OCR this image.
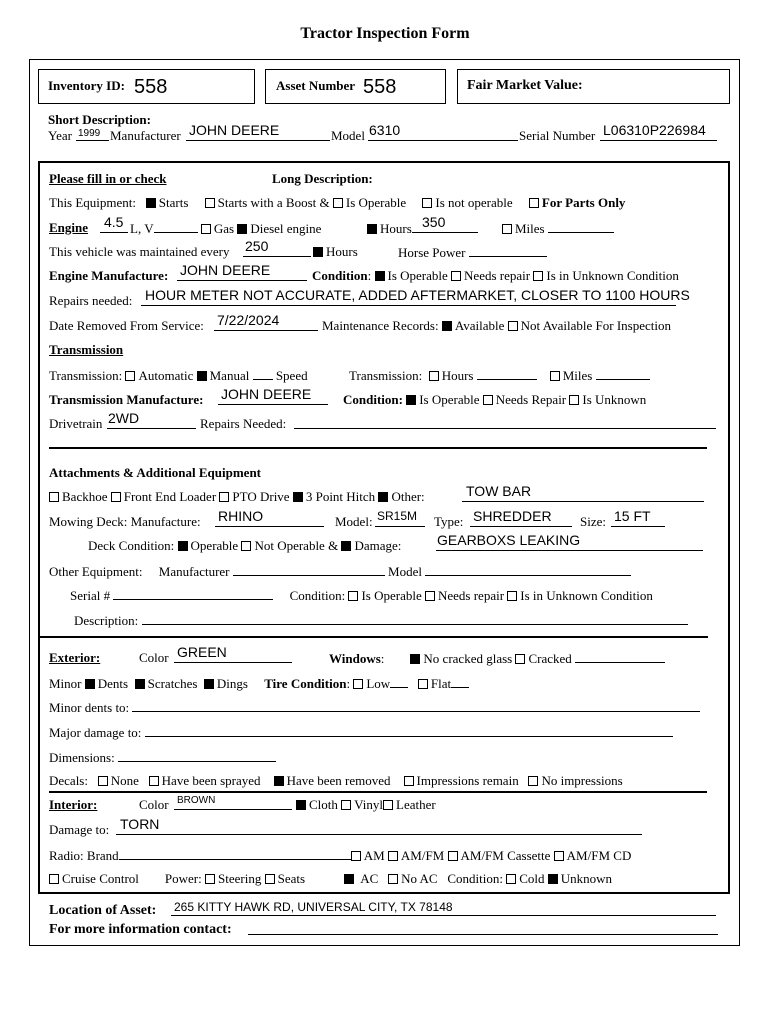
Tractor Inspection Form
Inventory ID: 558	Asset Number 558	Fair Market Value:
Short Description:
Year 1999 Manufacturer JOHN DEERE	Model 6310	Serial Number L06310P226984
Please fill in or check	Long Description:
This Equipment: Starts Starts with a Boost & Is Operable Is not operable For Parts Only
Engine 4.5 L, V	Gas Diesel engine	Hours 350	Miles
This vehicle was maintained every 250	Hours	Horse Power
Engine Manufacture: JOHN DEERE	Condition: Is Operable Needs repair Is in Unknown Condition
Repairs needed: HOUR METER NOT ACCURATE, ADDED AFTERMARKET, CLOSER TO 1100 HOURS
Date Removed From Service: 7/22/2024	Maintenance Records: Available Not Available For Inspection
Transmission
Transmission: Automatic Manual Speed	Transmission: Hours	Miles
Transmission Manufacture: JOHN DEERE Condition: Is Operable Needs Repair Is Unknown
Drivetrain 2WD	Repairs Needed:
Attachments & Additional Equipment
Backhoe Front End Loader PTO Drive 3 Point Hitch Other:	TOW BAR
Mowing Deck: Manufacture: RHINO	Model: SR15M Type: SHREDDER Size: 15 FT
Deck Condition: Operable Not Operable & Damage:	GEARBOXS LEAKING
Other Equipment: Manufacturer	Model
Serial #	Condition: Is Operable Needs repair Is in Unknown Condition
Description:
Exterior:	Color GREEN	Windows:        No cracked glass Cracked
Minor Dents Scratches Dings Tire Condition: Low	Flat
Minor dents to:
Major damage to:
Dimensions:
Decals: None Have been sprayed Have been removed Impressions remain No impressions
Interior:	Color BROWN	Cloth Vinyl Leather
Damage to: TORN
Radio: Brand	AM AM/FM AM/FM Cassette AM/FM CD
Cruise Control Power: Steering Seats	AC No AC Condition: Cold Unknown
Location of Asset: 265 KITTY HAWK RD, UNIVERSAL CITY, TX 78148
For more information contact:
